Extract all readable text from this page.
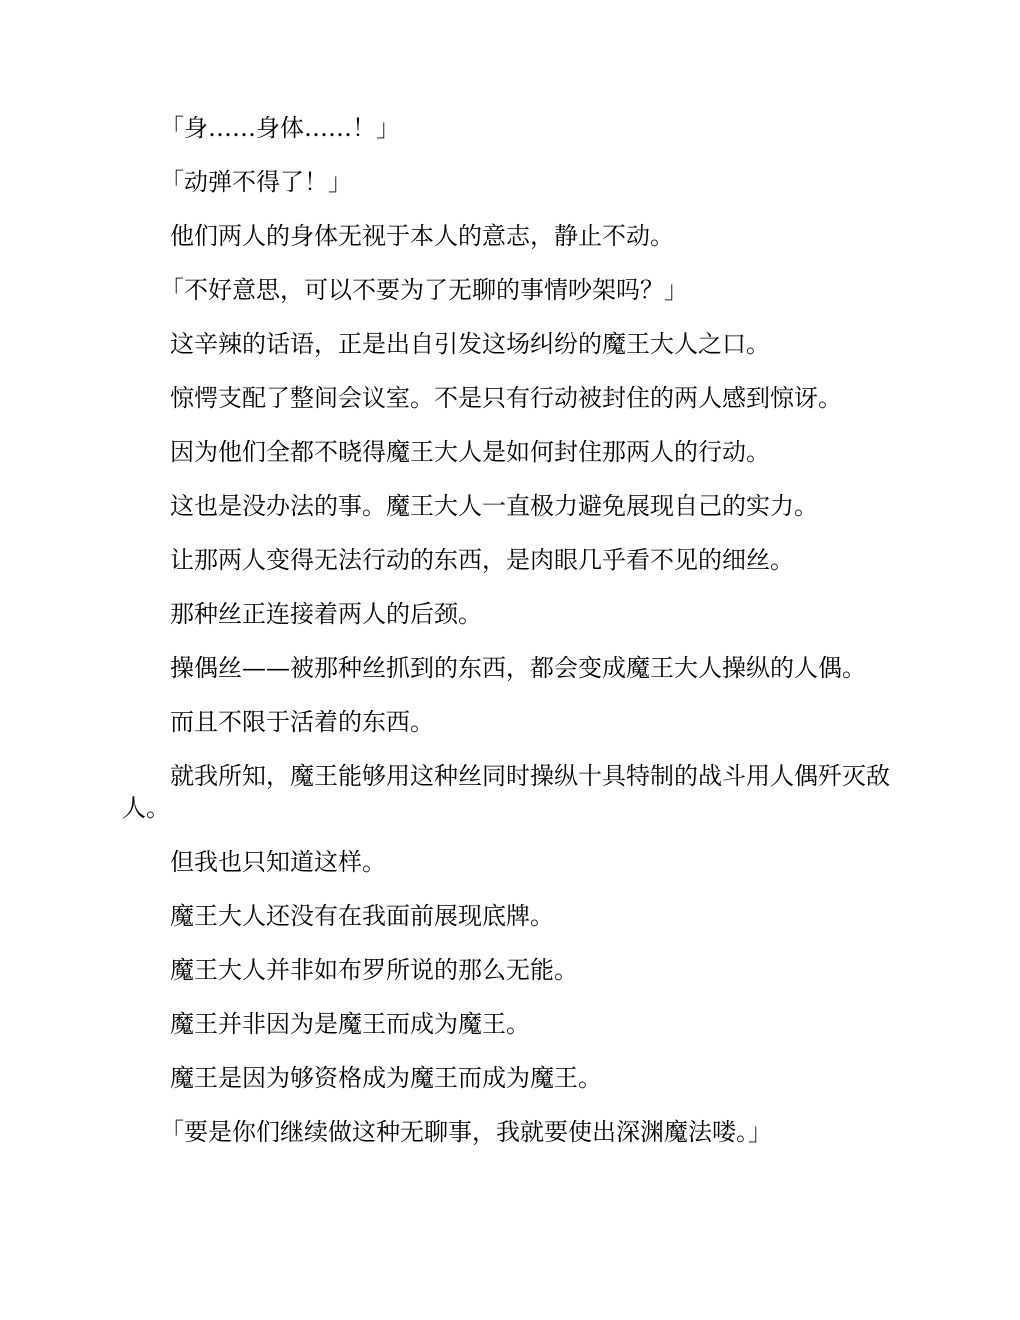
「身……身体……！」

「动弹不得了！」

他们两人的身体无视于本人的意志，静止不动。

「不好意思，可以不要为了无聊的事情吵架吗？」

这辛辣的话语，正是出自引发这场纠纷的魔王大人之口。

惊愕支配了整间会议室。不是只有行动被封住的两人感到惊讶。

因为他们全都不晓得魔王大人是如何封住那两人的行动。

这也是没办法的事。魔王大人一直极力避免展现自己的实力。

让那两人变得无法行动的东西，是肉眼几乎看不见的细丝。

那种丝正连接着两人的后颈。

操偶丝——被那种丝抓到的东西，都会变成魔王大人操纵的人偶。

而且不限于活着的东西。

就我所知，魔王能够用这种丝同时操纵十具特制的战斗用人偶歼灭敌人。

但我也只知道这样。

魔王大人还没有在我面前展现底牌。

魔王大人并非如布罗所说的那么无能。

魔王并非因为是魔王而成为魔王。

魔王是因为够资格成为魔王而成为魔王。

「要是你们继续做这种无聊事，我就要使出深渊魔法喽。」
